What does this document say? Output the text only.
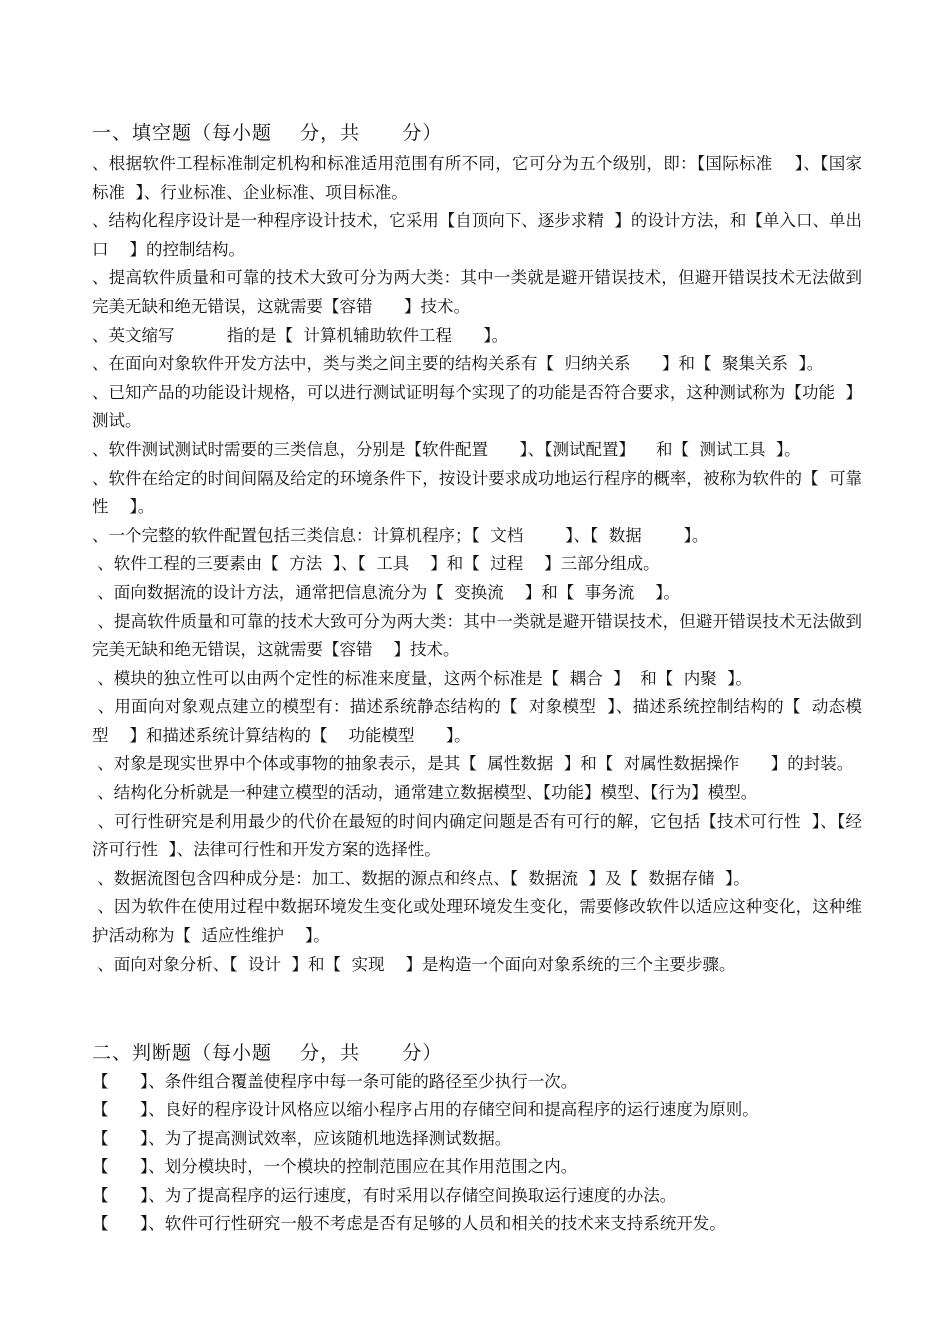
一、填空题（每小题    分，共      分）
、根据软件工程标准制定机构和标准适用范围有所不同，它可分为五个级别，即：【国际标准    】、【国家标准  】、行业标准、企业标准、项目标准。
、结构化程序设计是一种程序设计技术，它采用【自顶向下、逐步求精  】的设计方法，和【单入口、单出口    】的控制结构。
、提高软件质量和可靠的技术大致可分为两大类：其中一类就是避开错误技术，但避开错误技术无法做到完美无缺和绝无错误，这就需要【容错      】技术。
、英文缩写          指的是【  计算机辅助软件工程      】。
、在面向对象软件开发方法中，类与类之间主要的结构关系有【  归纳关系      】和【  聚集关系  】。
、已知产品的功能设计规格，可以进行测试证明每个实现了的功能是否符合要求，这种测试称为【功能  】测试。
、软件测试测试时需要的三类信息，分别是【软件配置      】、【测试配置】    和【  测试工具  】。
、软件在给定的时间间隔及给定的环境条件下，按设计要求成功地运行程序的概率，被称为软件的【  可靠性    】。
、一个完整的软件配置包括三类信息：计算机程序；【  文档        】、【  数据        】。
、软件工程的三要素由【  方法  】、【  工具    】和【  过程    】三部分组成。
、面向数据流的设计方法，通常把信息流分为【  变换流    】和【  事务流    】。
、提高软件质量和可靠的技术大致可分为两大类：其中一类就是避开错误技术，但避开错误技术无法做到完美无缺和绝无错误，这就需要【容错    】技术。
、模块的独立性可以由两个定性的标准来度量，这两个标准是【  耦合  】  和【  内聚  】。
、用面向对象观点建立的模型有：描述系统静态结构的【  对象模型  】、描述系统控制结构的【  动态模型    】和描述系统计算结构的【    功能模型      】。
、对象是现实世界中个体或事物的抽象表示，是其【  属性数据  】和【  对属性数据操作      】的封装。
、结构化分析就是一种建立模型的活动，通常建立数据模型、【功能】模型、【行为】模型。
、可行性研究是利用最少的代价在最短的时间内确定问题是否有可行的解，它包括【技术可行性  】、【经济可行性  】、法律可行性和开发方案的选择性。
、数据流图包含四种成分是：加工、数据的源点和终点、【  数据流  】及【  数据存储  】。
、因为软件在使用过程中数据环境发生变化或处理环境发生变化，需要修改软件以适应这种变化，这种维护活动称为【  适应性维护    】。
、面向对象分析、【  设计  】和【  实现    】是构造一个面向对象系统的三个主要步骤。
二、判断题（每小题    分，共      分）
【      】、条件组合覆盖使程序中每一条可能的路径至少执行一次。
【      】、良好的程序设计风格应以缩小程序占用的存储空间和提高程序的运行速度为原则。
【      】、为了提高测试效率，应该随机地选择测试数据。
【      】、划分模块时，一个模块的控制范围应在其作用范围之内。
【      】、为了提高程序的运行速度，有时采用以存储空间换取运行速度的办法。
【      】、软件可行性研究一般不考虑是否有足够的人员和相关的技术来支持系统开发。
